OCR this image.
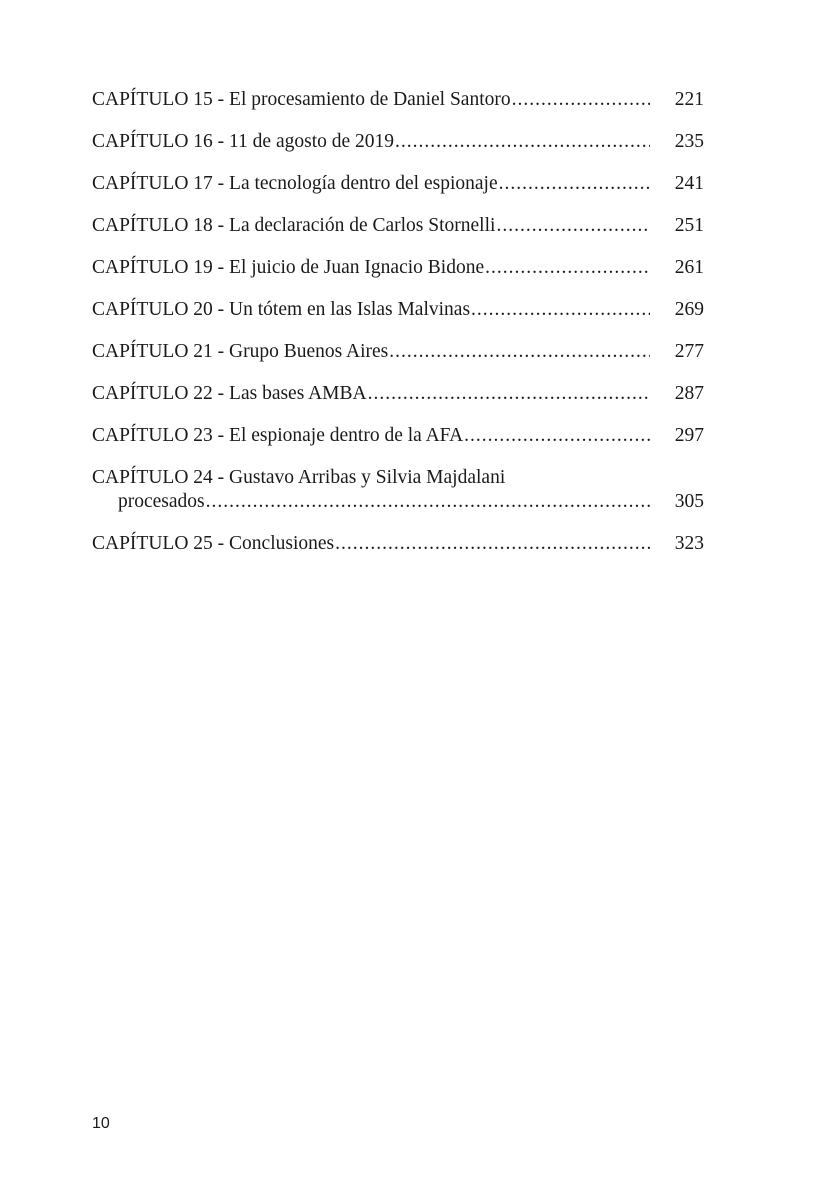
CAPÍTULO 15 - El procesamiento de Daniel Santoro .....	221
CAPÍTULO 16 - 11 de agosto de 2019 .....	235
CAPÍTULO 17 - La tecnología dentro del espionaje .....	241
CAPÍTULO 18 - La declaración de Carlos Stornelli .....	251
CAPÍTULO 19 - El juicio de Juan Ignacio Bidone .....	261
CAPÍTULO 20 - Un tótem en las Islas Malvinas .....	269
CAPÍTULO 21 - Grupo Buenos Aires .....	277
CAPÍTULO 22 - Las bases AMBA .....	287
CAPÍTULO 23 - El espionaje dentro de la AFA .....	297
CAPÍTULO 24 - Gustavo Arribas y Silvia Majdalani
procesados .....	305
CAPÍTULO 25 - Conclusiones .....	323
10
